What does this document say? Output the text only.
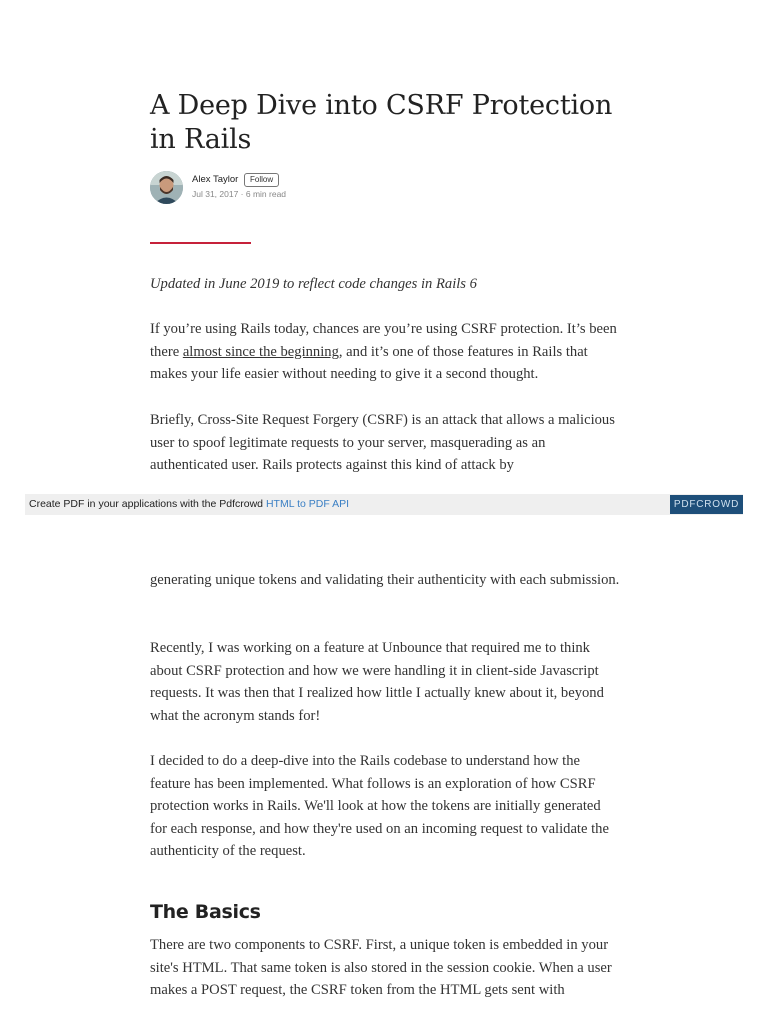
A Deep Dive into CSRF Protection in Rails
Alex Taylor	Follow
Jul 31, 2017 · 6 min read

Updated in June 2019 to reflect code changes in Rails 6

If you’re using Rails today, chances are you’re using CSRF protection. It’s been there almost since the beginning, and it’s one of those features in Rails that makes your life easier without needing to give it a second thought.

Briefly, Cross-Site Request Forgery (CSRF) is an attack that allows a malicious user to spoof legitimate requests to your server, masquerading as an authenticated user. Rails protects against this kind of attack by

Create PDF in your applications with the Pdfcrowd HTML to PDF API	PDFCROWD

generating unique tokens and validating their authenticity with each submission.

Recently, I was working on a feature at Unbounce that required me to think about CSRF protection and how we were handling it in client-side Javascript requests. It was then that I realized how little I actually knew about it, beyond what the acronym stands for!

I decided to do a deep-dive into the Rails codebase to understand how the feature has been implemented. What follows is an exploration of how CSRF protection works in Rails. We'll look at how the tokens are initially generated for each response, and how they're used on an incoming request to validate the authenticity of the request.

The Basics

There are two components to CSRF. First, a unique token is embedded in your site's HTML. That same token is also stored in the session cookie. When a user makes a POST request, the CSRF token from the HTML gets sent with
